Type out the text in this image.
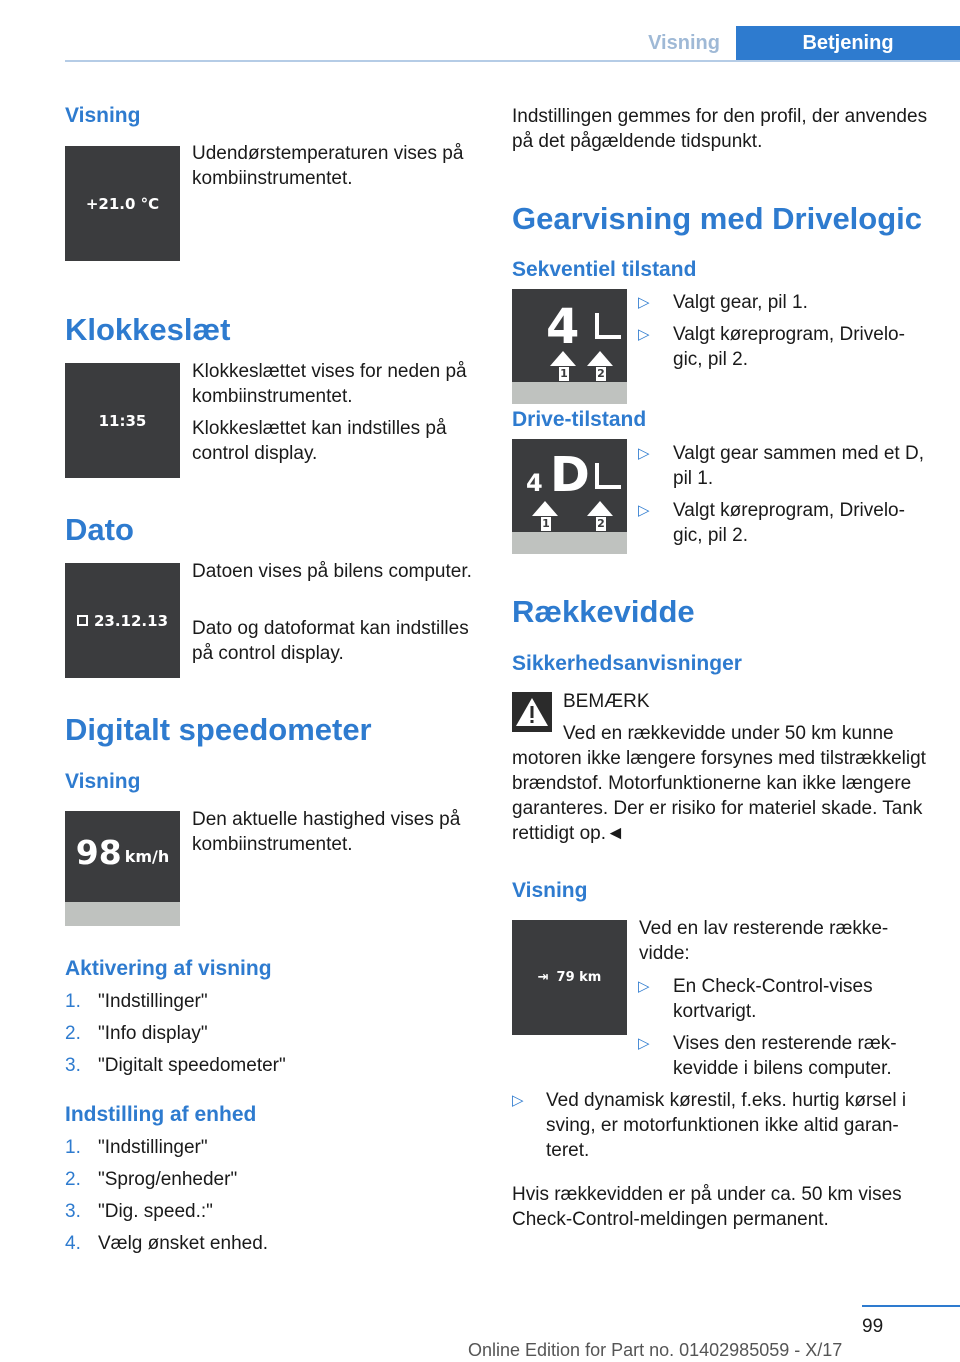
Visning	Betjening
Visning
+21.0 °C
Udendørstemperaturen vises på kombiinstrumentet.
Klokkeslæt
11:35
Klokkeslættet vises for neden på kombiinstrumentet.
Klokkeslættet kan indstilles på control display.
Dato
23.12.13
Datoen vises på bilens computer.
Dato og datoformat kan indstilles på control display.
Digitalt speedometer
Visning
98 km/h
Den aktuelle hastighed vises på kombiinstrumentet.
Aktivering af visning
1. "Indstillinger"
2. "Info display"
3. "Digitalt speedometer"
Indstilling af enhed
1. "Indstillinger"
2. "Sprog/enheder"
3. "Dig. speed.:"
4. Vælg ønsket enhed.
Indstillingen gemmes for den profil, der anvendes på det pågældende tidspunkt.
Gearvisning med Drivelogic
Sekventiel tilstand
4
1	2
▷ Valgt gear, pil 1.
▷ Valgt køreprogram, Drivelogic, pil 2.
Drive-tilstand
4 D
1	2
▷ Valgt gear sammen med et D, pil 1.
▷ Valgt køreprogram, Drivelogic, pil 2.
Rækkevidde
Sikkerhedsanvisninger
BEMÆRK
Ved en rækkevidde under 50 km kunne motoren ikke længere forsynes med tilstrækkeligt brændstof. Motorfunktionerne kan ikke længere garanteres. Der er risiko for materiel skade. Tank rettidigt op.◄
Visning
⇥ 79 km
Ved en lav resterende rækkevidde:
▷ En Check-Control-vises kortvarigt.
▷ Vises den resterende rækkevidde i bilens computer.
▷ Ved dynamisk kørestil, f.eks. hurtig kørsel i sving, er motorfunktionen ikke altid garanteret.
Hvis rækkevidden er på under ca. 50 km vises Check-Control-meldingen permanent.
99
Online Edition for Part no. 01402985059 - X/17
